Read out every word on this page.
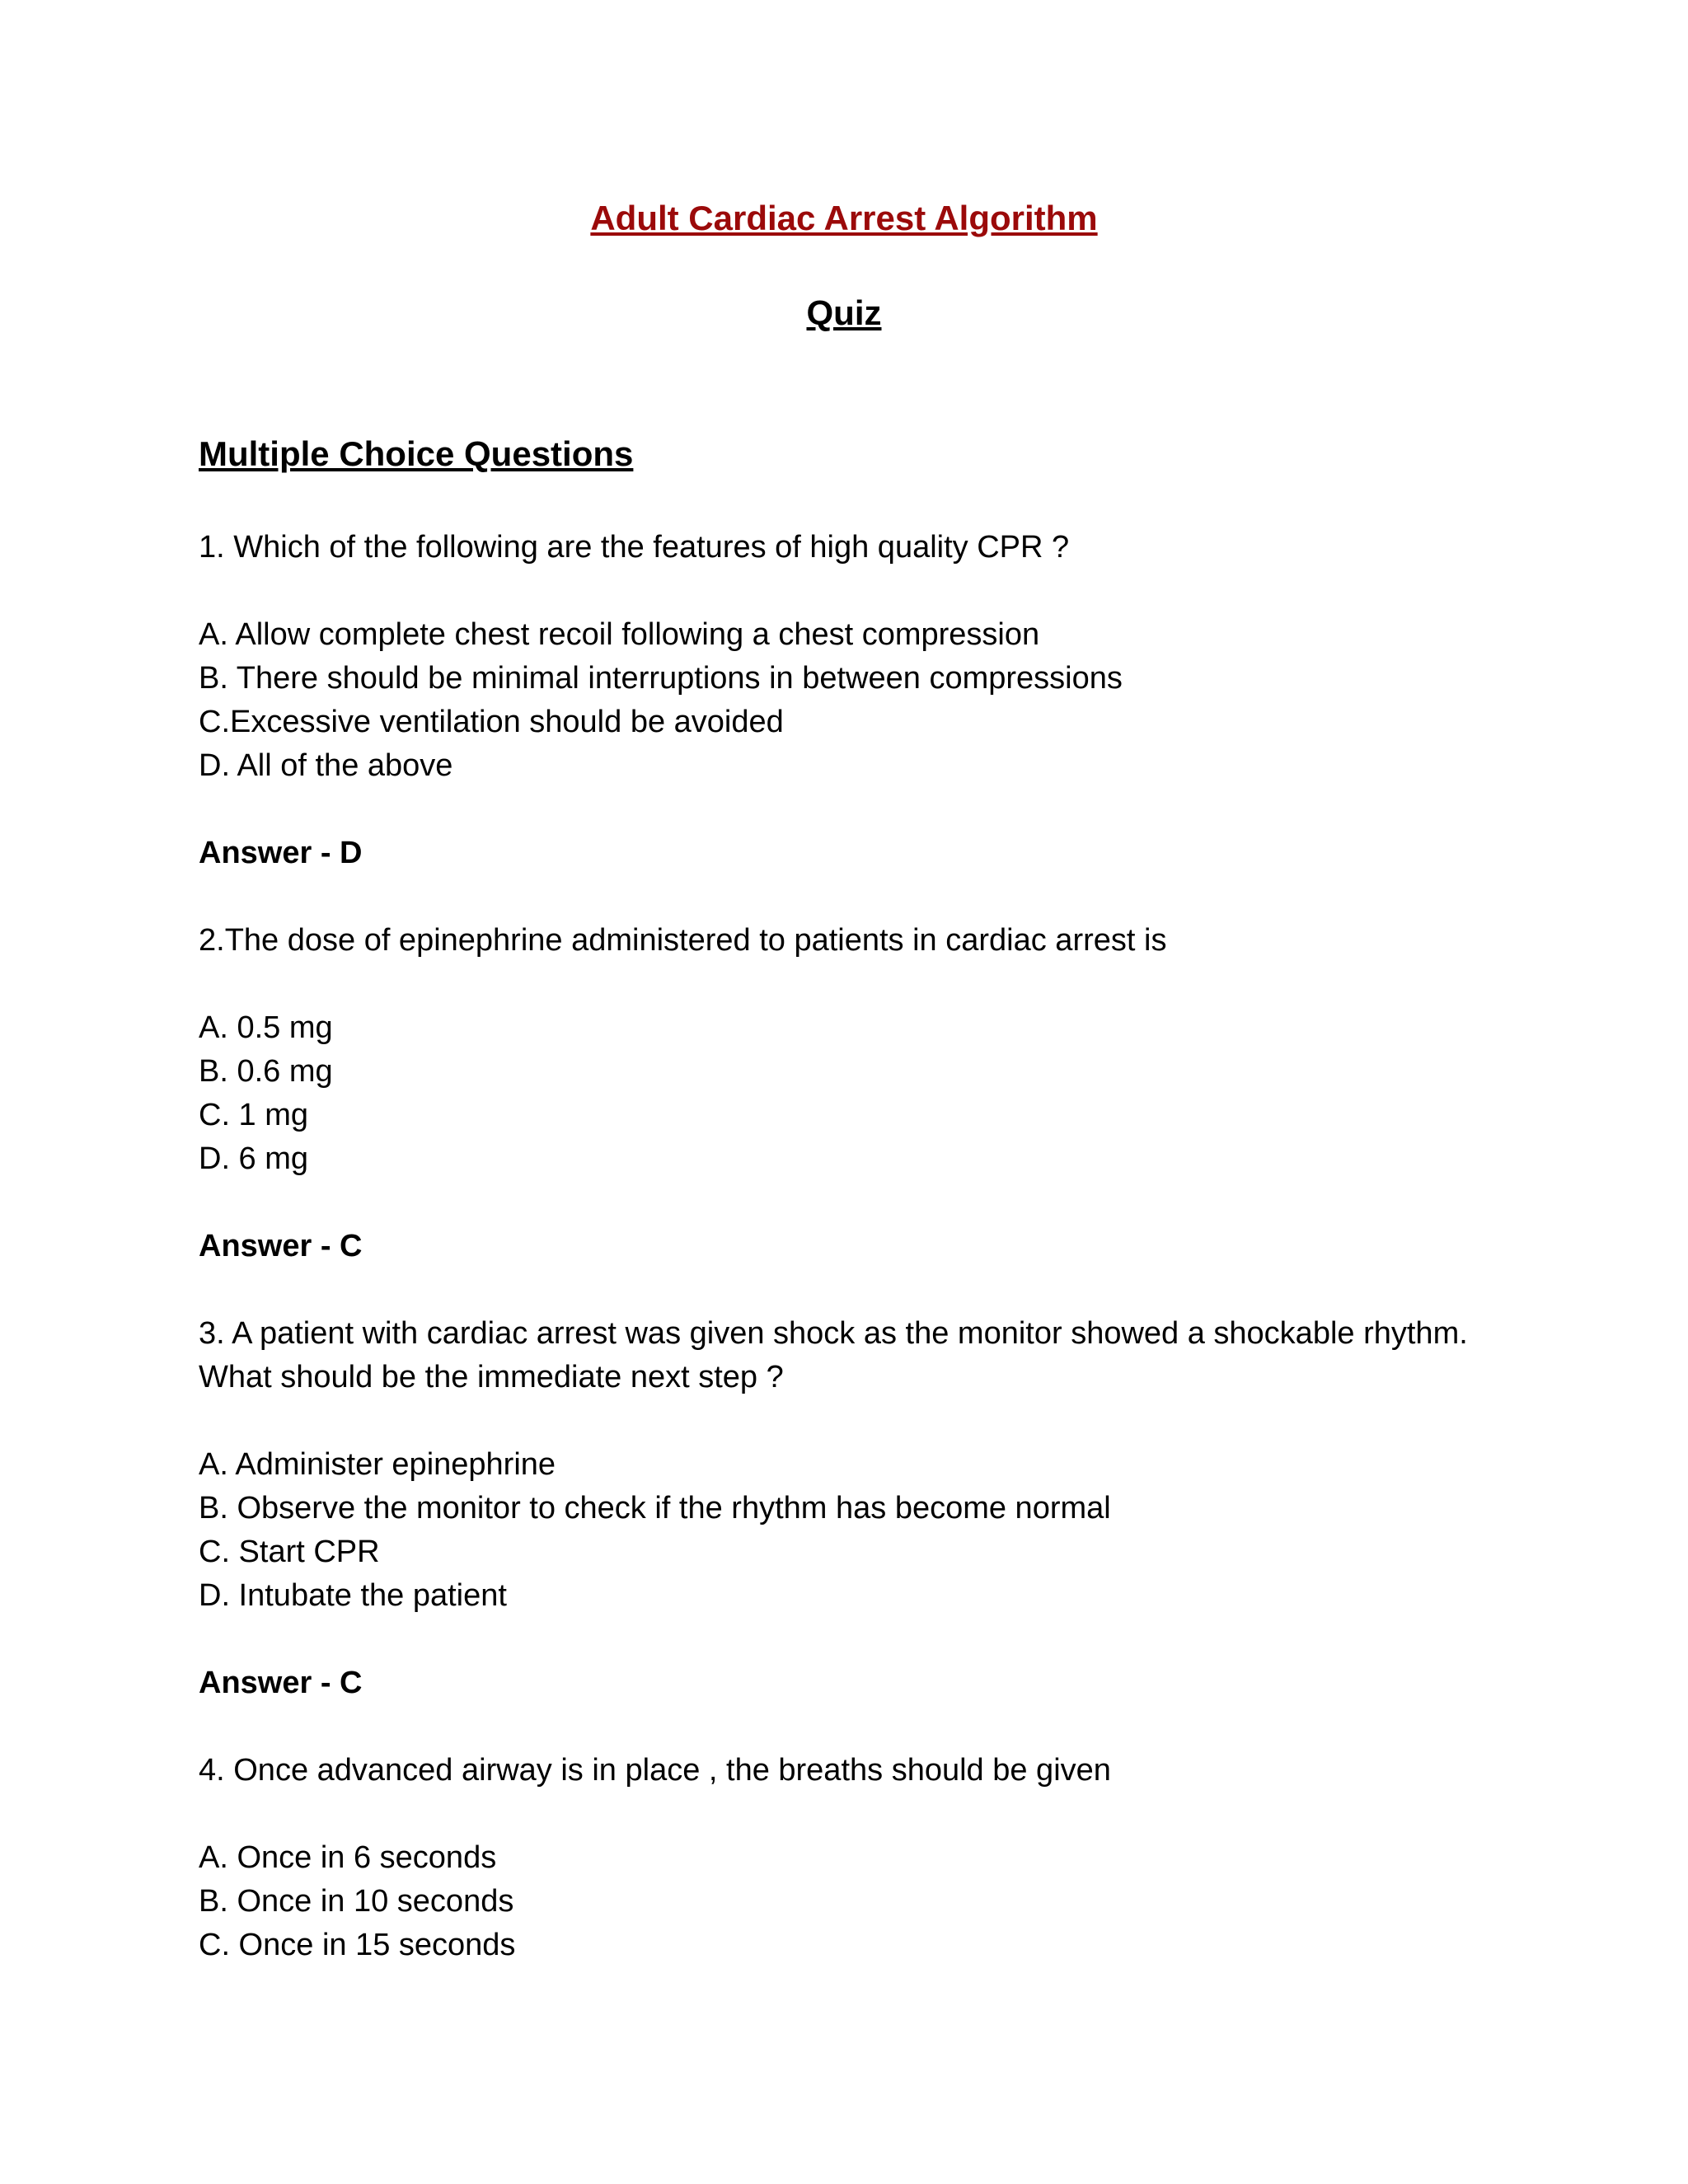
Adult Cardiac Arrest Algorithm
Quiz
Multiple Choice Questions

1. Which of the following are the features of high quality CPR ?

A. Allow complete chest recoil following a chest compression

B. There should be minimal interruptions in between compressions

C.Excessive ventilation should be avoided

D. All of the above

Answer - D

2.The dose of epinephrine administered to patients in cardiac arrest is

A. 0.5 mg

B. 0.6 mg

C. 1 mg

D. 6 mg

Answer - C

3. A patient with cardiac arrest was given shock as the monitor showed a shockable rhythm. What should be the immediate next step ?

A. Administer epinephrine

B. Observe the monitor to check if the rhythm has become normal

C. Start CPR

D. Intubate the patient

Answer - C

4. Once advanced airway is in place , the breaths should be given

A. Once in 6 seconds

B. Once in 10 seconds

C. Once in 15 seconds
